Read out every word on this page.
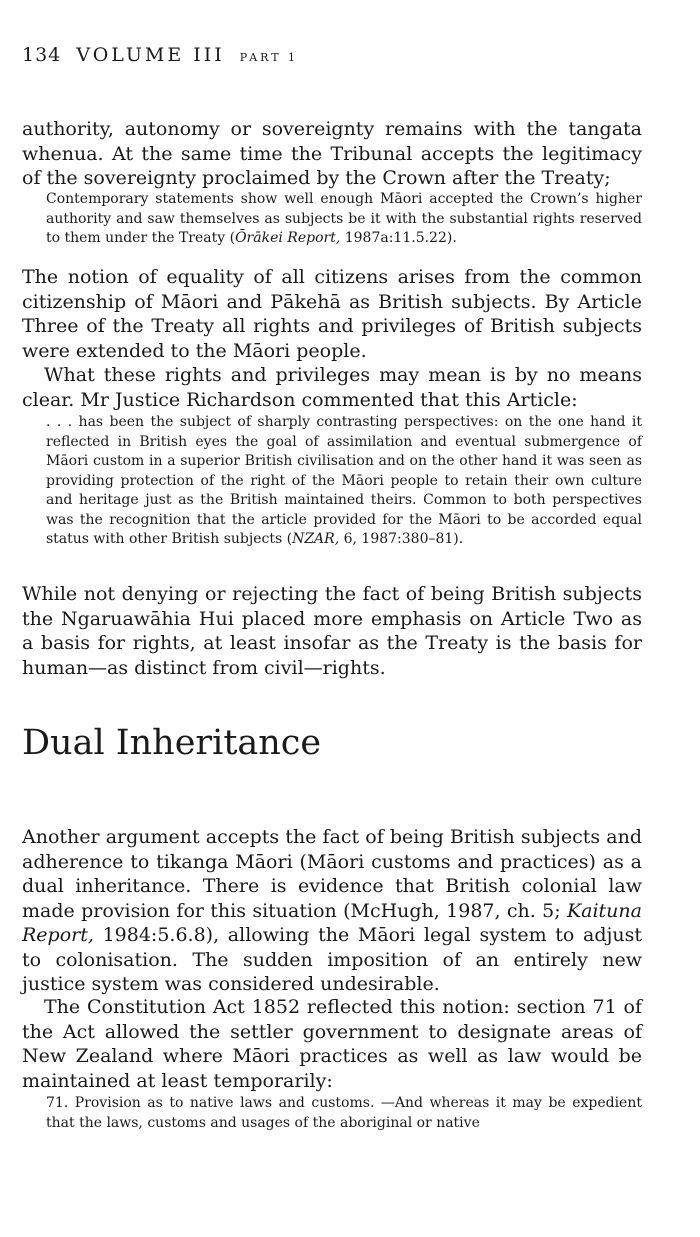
134 VOLUME III PART 1

authority, autonomy or sovereignty remains with the tangata whenua. At the same time the Tribunal accepts the legitimacy of the sovereignty proclaimed by the Crown after the Treaty;

Contemporary statements show well enough Māori accepted the Crown’s higher authority and saw themselves as subjects be it with the substantial rights reserved to them under the Treaty (Ōrākei Report, 1987a:11.5.22).

The notion of equality of all citizens arises from the common citizenship of Māori and Pākehā as British subjects. By Article Three of the Treaty all rights and privileges of British subjects were extended to the Māori people.

What these rights and privileges may mean is by no means clear. Mr Justice Richardson commented that this Article:

. . . has been the subject of sharply contrasting perspectives: on the one hand it reflected in British eyes the goal of assimilation and eventual submergence of Māori custom in a superior British civilisation and on the other hand it was seen as providing protection of the right of the Māori people to retain their own culture and heritage just as the British maintained theirs. Common to both perspectives was the recognition that the article provided for the Māori to be accorded equal status with other British subjects (NZAR, 6, 1987:380–81).

While not denying or rejecting the fact of being British subjects the Ngaruawāhia Hui placed more emphasis on Article Two as a basis for rights, at least insofar as the Treaty is the basis for human—as distinct from civil—rights.

Dual Inheritance

Another argument accepts the fact of being British subjects and adherence to tikanga Māori (Māori customs and practices) as a dual inheritance. There is evidence that British colonial law made provision for this situation (McHugh, 1987, ch. 5; Kaituna Report, 1984:5.6.8), allowing the Māori legal system to adjust to colonisation. The sudden imposition of an entirely new justice system was considered undesirable.

The Constitution Act 1852 reflected this notion: section 71 of the Act allowed the settler government to designate areas of New Zealand where Māori practices as well as law would be maintained at least temporarily:

71. Provision as to native laws and customs. —And whereas it may be expedient that the laws, customs and usages of the aboriginal or native
